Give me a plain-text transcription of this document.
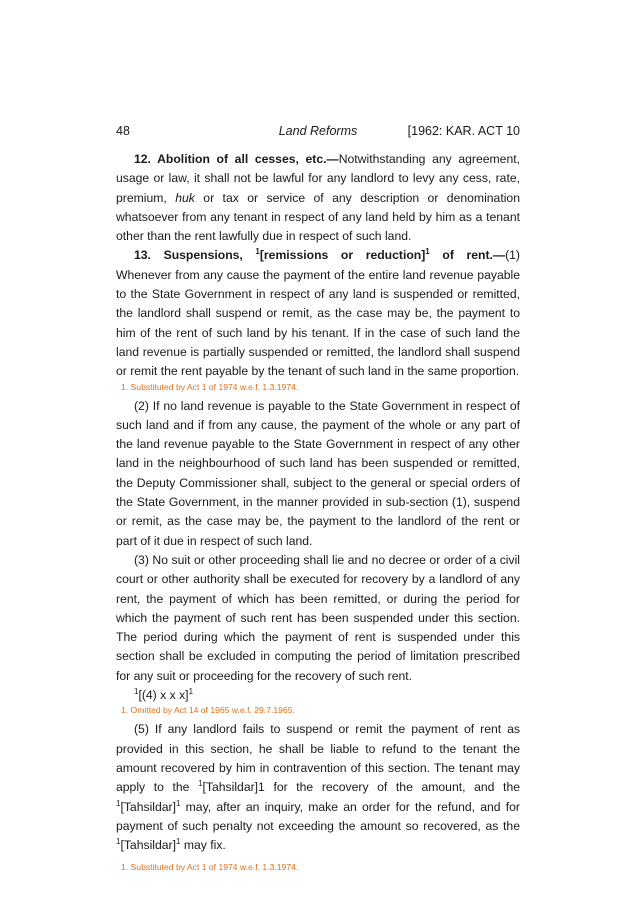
48	Land Reforms	[1962: KAR. ACT 10

12. Abolition of all cesses, etc.—Notwithstanding any agreement, usage or law, it shall not be lawful for any landlord to levy any cess, rate, premium, huk or tax or service of any description or denomination whatsoever from any tenant in respect of any land held by him as a tenant other than the rent lawfully due in respect of such land.

13. Suspensions, $^1$[remissions or reduction]$^1$ of rent.—(1) Whenever from any cause the payment of the entire land revenue payable to the State Government in respect of any land is suspended or remitted, the landlord shall suspend or remit, as the case may be, the payment to him of the rent of such land by his tenant. If in the case of such land the land revenue is partially suspended or remitted, the landlord shall suspend or remit the rent payable by the tenant of such land in the same proportion.

1. Substituted by Act 1 of 1974 w.e.f. 1.3.1974.

(2) If no land revenue is payable to the State Government in respect of such land and if from any cause, the payment of the whole or any part of the land revenue payable to the State Government in respect of any other land in the neighbourhood of such land has been suspended or remitted, the Deputy Commissioner shall, subject to the general or special orders of the State Government, in the manner provided in sub-section (1), suspend or remit, as the case may be, the payment to the landlord of the rent or part of it due in respect of such land.

(3) No suit or other proceeding shall lie and no decree or order of a civil court or other authority shall be executed for recovery by a landlord of any rent, the payment of which has been remitted, or during the period for which the payment of such rent has been suspended under this section. The period during which the payment of rent is suspended under this section shall be excluded in computing the period of limitation prescribed for any suit or proceeding for the recovery of such rent.

$^1$[(4) x x x]$^1$

1. Omitted by Act 14 of 1965 w.e.f. 29.7.1965.

(5) If any landlord fails to suspend or remit the payment of rent as provided in this section, he shall be liable to refund to the tenant the amount recovered by him in contravention of this section. The tenant may apply to the $^1$[Tahsildar]1 for the recovery of the amount, and the $^1$[Tahsildar]$^1$ may, after an inquiry, make an order for the refund, and for payment of such penalty not exceeding the amount so recovered, as the $^1$[Tahsildar]$^1$ may fix.

1. Substituted by Act 1 of 1974 w.e.f. 1.3.1974.
